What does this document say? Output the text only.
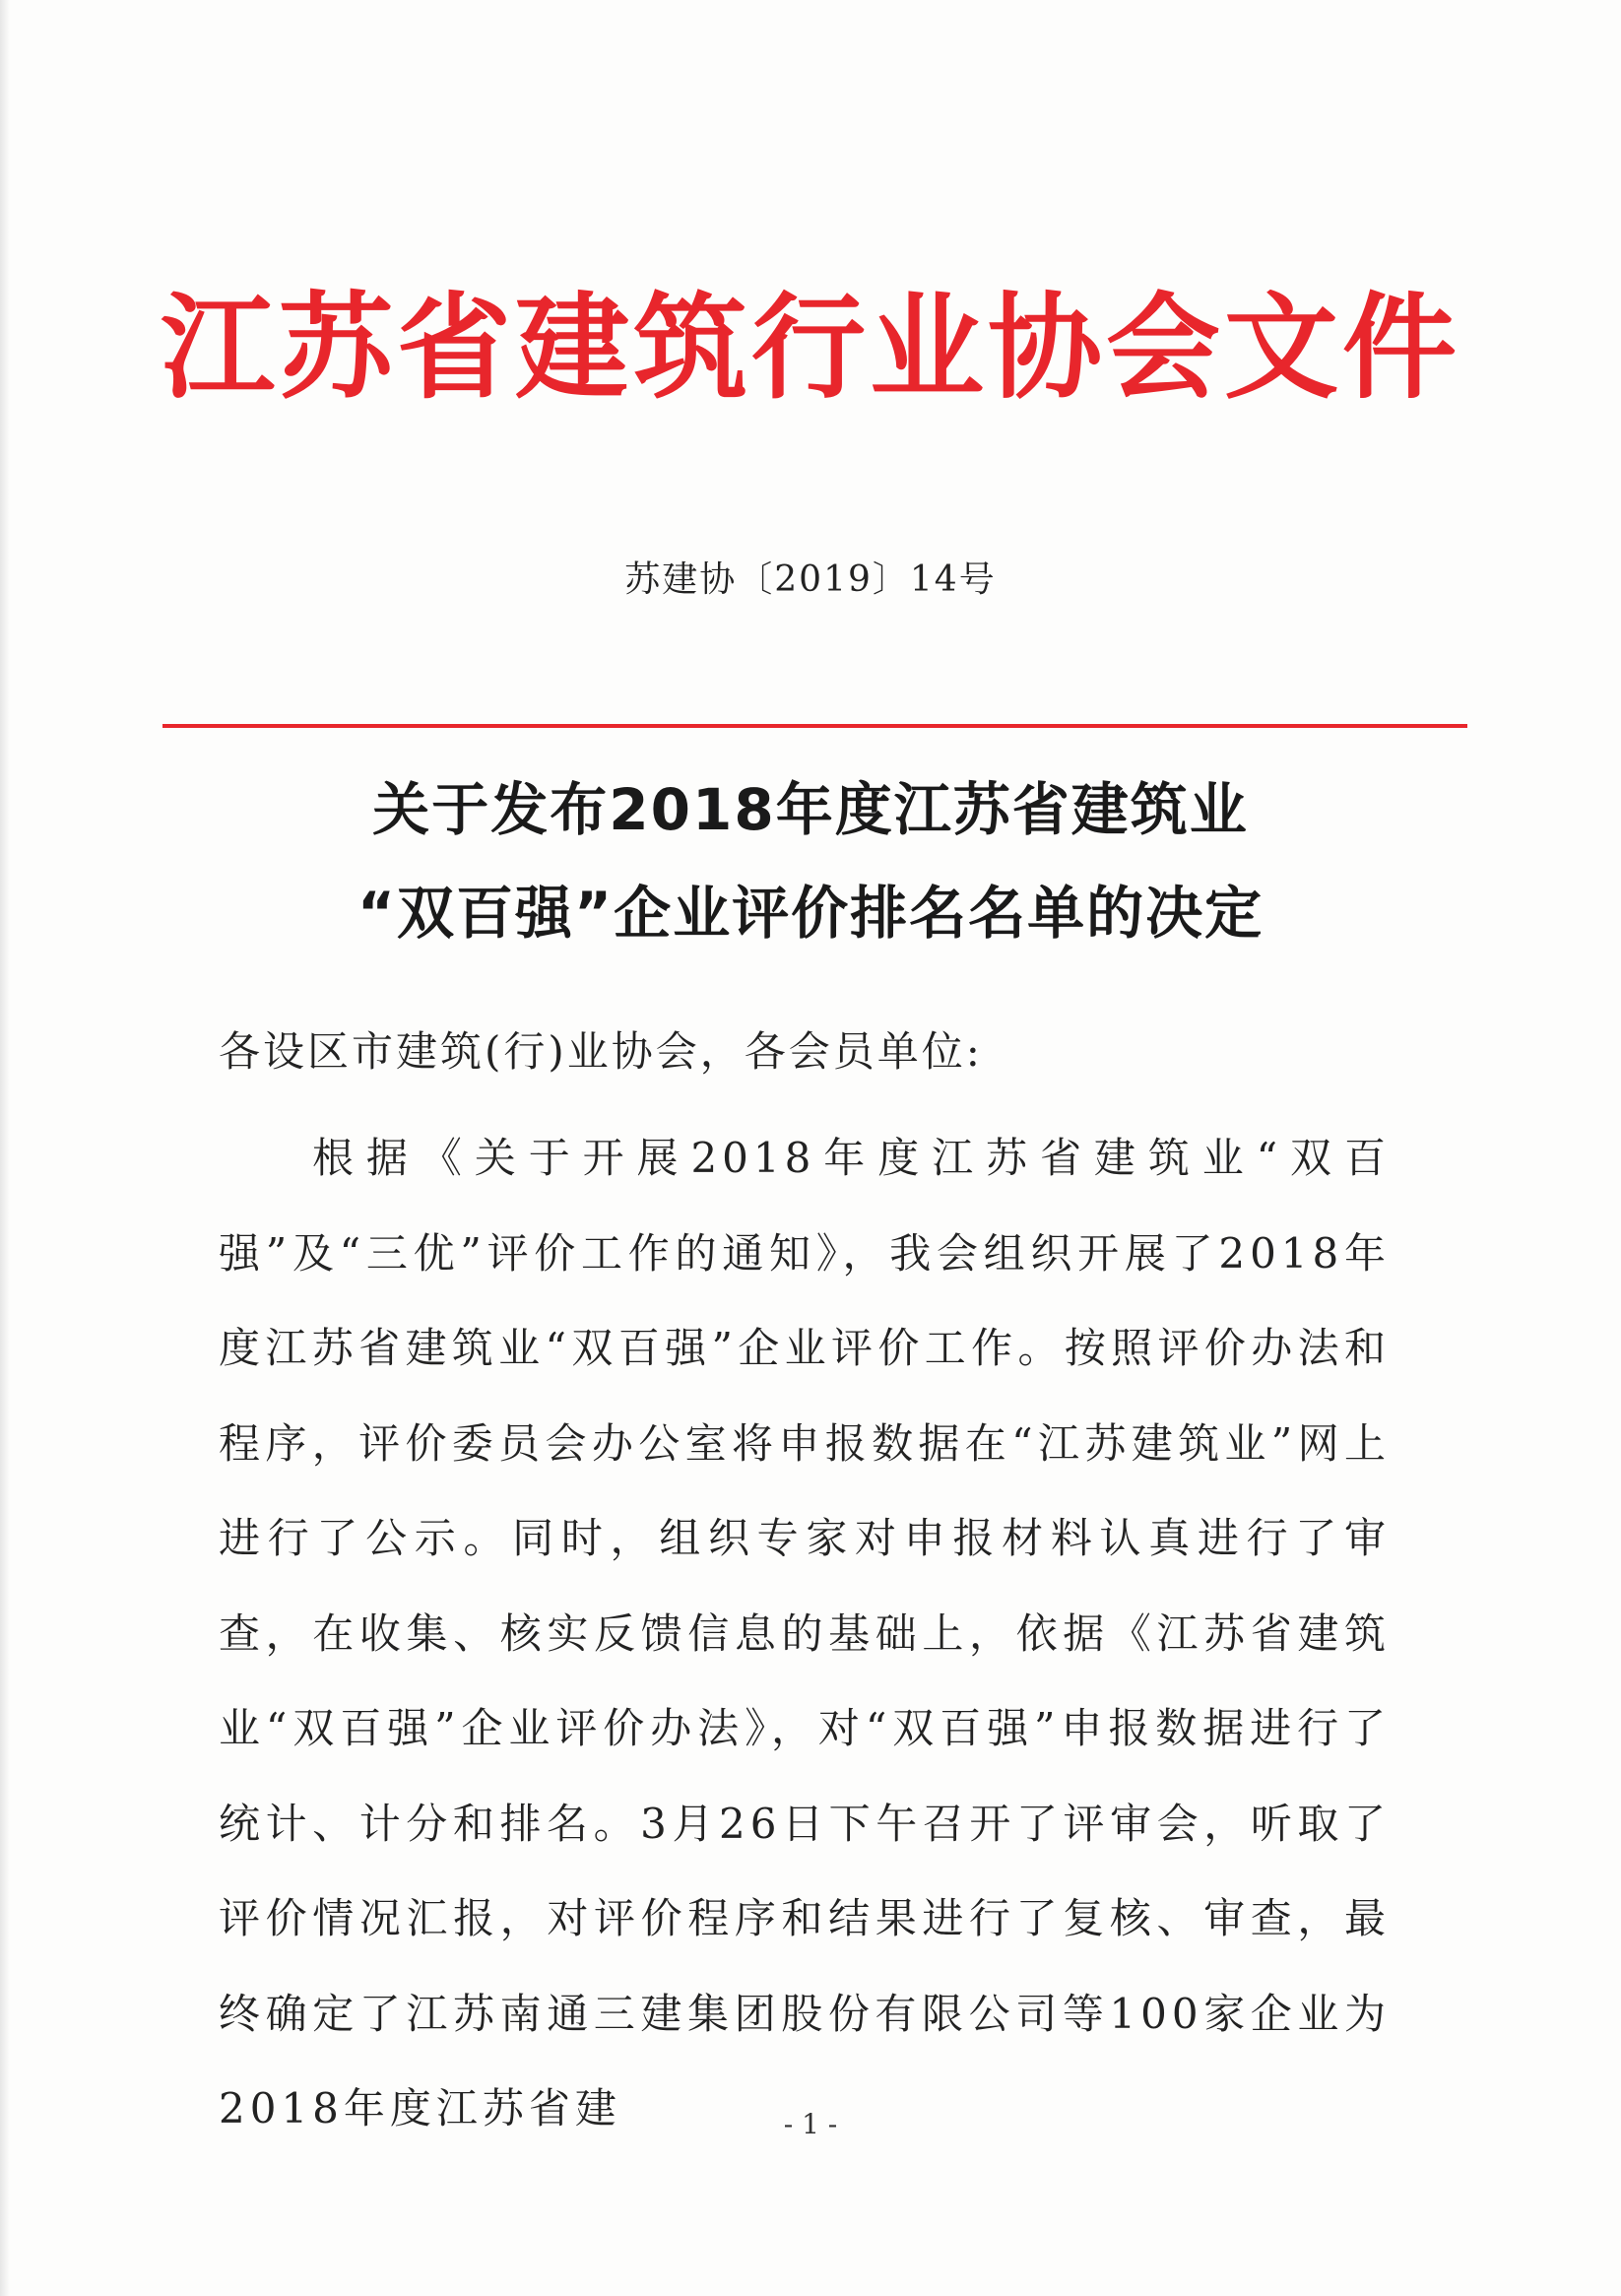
江苏省建筑行业协会文件
苏建协〔2019〕14号
关于发布2018年度江苏省建筑业
“双百强”企业评价排名名单的决定
各设区市建筑(行)业协会，各会员单位:
根据《关于开展2018年度江苏省建筑业“双百强”及“三优”评价工作的通知》，我会组织开展了2018年度江苏省建筑业“双百强”企业评价工作。按照评价办法和程序，评价委员会办公室将申报数据在“江苏建筑业”网上进行了公示。同时，组织专家对申报材料认真进行了审查，在收集、核实反馈信息的基础上，依据《江苏省建筑业“双百强”企业评价办法》，对“双百强”申报数据进行了统计、计分和排名。3月26日下午召开了评审会，听取了评价情况汇报，对评价程序和结果进行了复核、审查，最终确定了江苏南通三建集团股份有限公司等100家企业为2018年度江苏省建	- 1 -
